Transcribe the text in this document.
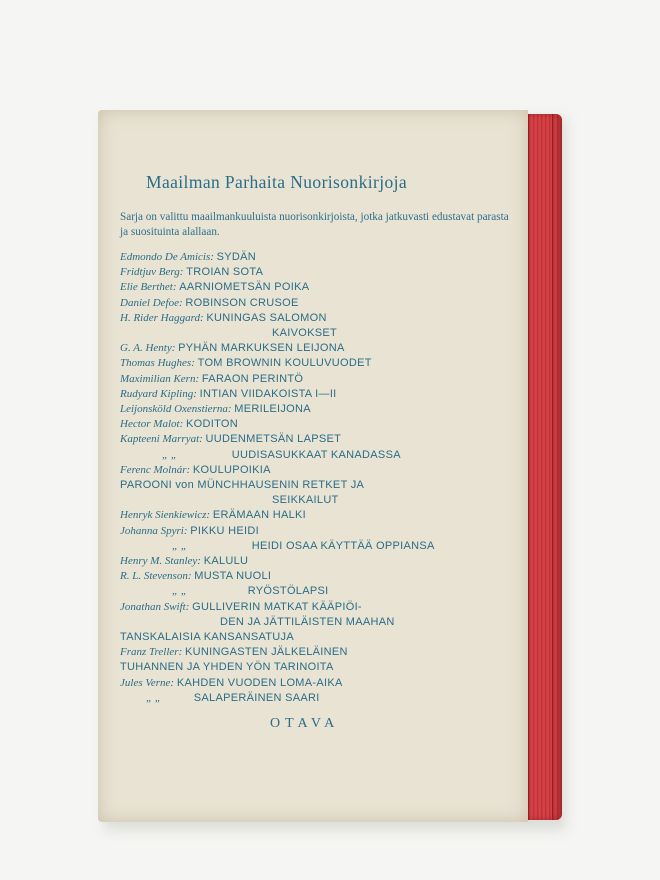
Maailman Parhaita Nuorisonkirjoja
Sarja on valittu maailmankuuluista nuorisonkirjoista, jotka jatkuvasti edustavat parasta ja suosituinta alallaan.
Edmondo De Amicis: SYDÄN
Fridtjuv Berg: TROIAN SOTA
Elie Berthet: AARNIOMETSÄN POIKA
Daniel Defoe: ROBINSON CRUSOE
H. Rider Haggard: KUNINGAS SALOMON
KAIVOKSET
G. A. Henty: PYHÄN MARKUKSEN LEIJONA
Thomas Hughes: TOM BROWNIN KOULUVUODET
Maximilian Kern: FARAON PERINTÖ
Rudyard Kipling: INTIAN VIIDAKOISTA I—II
Leijonsköld Oxenstierna: MERILEIJONA
Hector Malot: KODITON
Kapteeni Marryat: UUDENMETSÄN LAPSET
„ „	UUDISASUKKAAT KANADASSA
Ferenc Molnár: KOULUPOIKIA
PAROONI von MÜNCHHAUSENIN RETKET JA
SEIKKAILUT
Henryk Sienkiewicz: ERÄMAAN HALKI
Johanna Spyri: PIKKU HEIDI
„ „	HEIDI OSAA KÄYTTÄÄ OPPIANSA
Henry M. Stanley: KALULU
R. L. Stevenson: MUSTA NUOLI
„ „	RYÖSTÖLAPSI
Jonathan Swift: GULLIVERIN MATKAT KÄÄPIÖI-
DEN JA JÄTTILÄISTEN MAAHAN
TANSKALAISIA KANSANSATUJA
Franz Treller: KUNINGASTEN JÄLKELÄINEN
TUHANNEN JA YHDEN YÖN TARINOITA
Jules Verne: KAHDEN VUODEN LOMA-AIKA
„ „	SALAPERÄINEN SAARI
OTAVA
